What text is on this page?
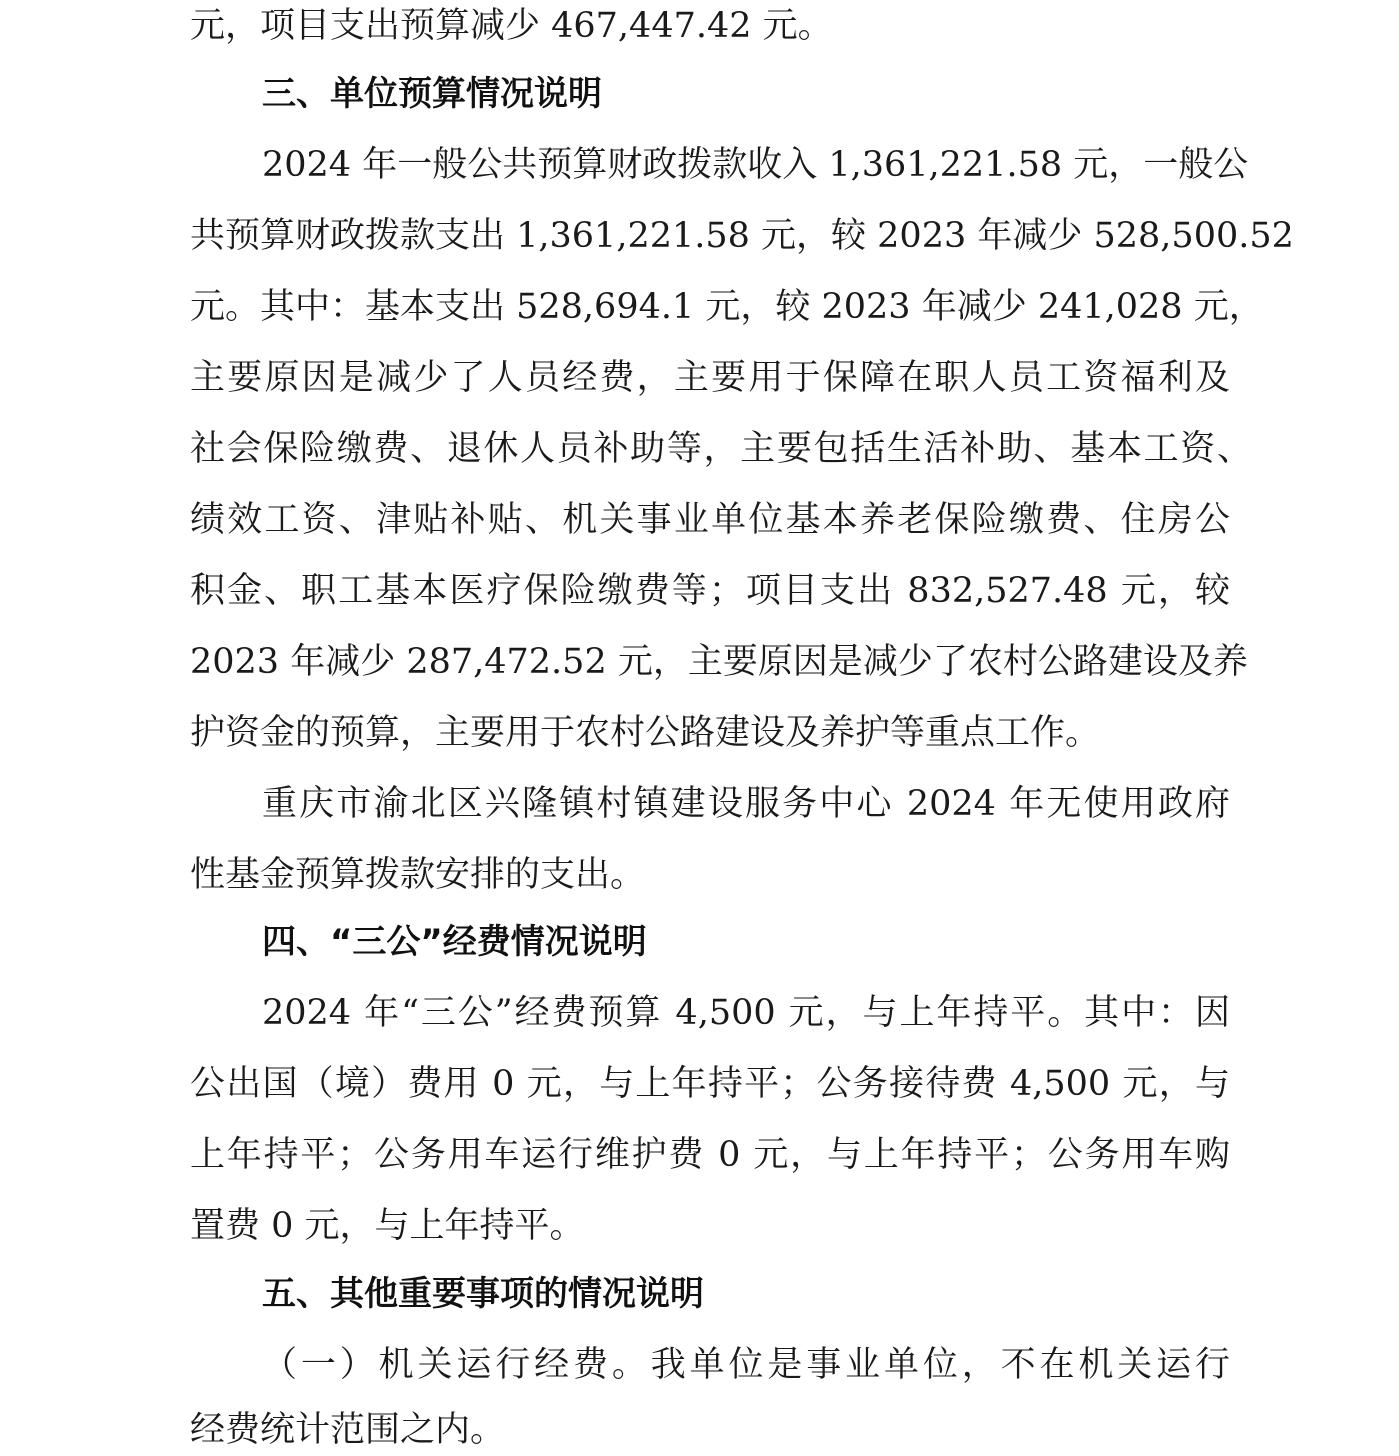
元，项目支出预算减少 467,447.42 元。
三、单位预算情况说明
2024 年一般公共预算财政拨款收入 1,361,221.58 元，一般公
共预算财政拨款支出 1,361,221.58 元，较 2023 年减少 528,500.52
元。其中：基本支出 528,694.1 元，较 2023 年减少 241,028 元，
主要原因是减少了人员经费，主要用于保障在职人员工资福利及
社会保险缴费、退休人员补助等，主要包括生活补助、基本工资、
绩效工资、津贴补贴、机关事业单位基本养老保险缴费、住房公
积金、职工基本医疗保险缴费等；项目支出 832,527.48 元，较
2023 年减少 287,472.52 元，主要原因是减少了农村公路建设及养
护资金的预算，主要用于农村公路建设及养护等重点工作。
重庆市渝北区兴隆镇村镇建设服务中心 2024 年无使用政府
性基金预算拨款安排的支出。
四、“三公”经费情况说明
2024 年“三公”经费预算 4,500 元，与上年持平。其中：因
公出国（境）费用 0 元，与上年持平；公务接待费 4,500 元，与
上年持平；公务用车运行维护费 0 元，与上年持平；公务用车购
置费 0 元，与上年持平。
五、其他重要事项的情况说明
（一）机关运行经费。我单位是事业单位，不在机关运行
经费统计范围之内。
